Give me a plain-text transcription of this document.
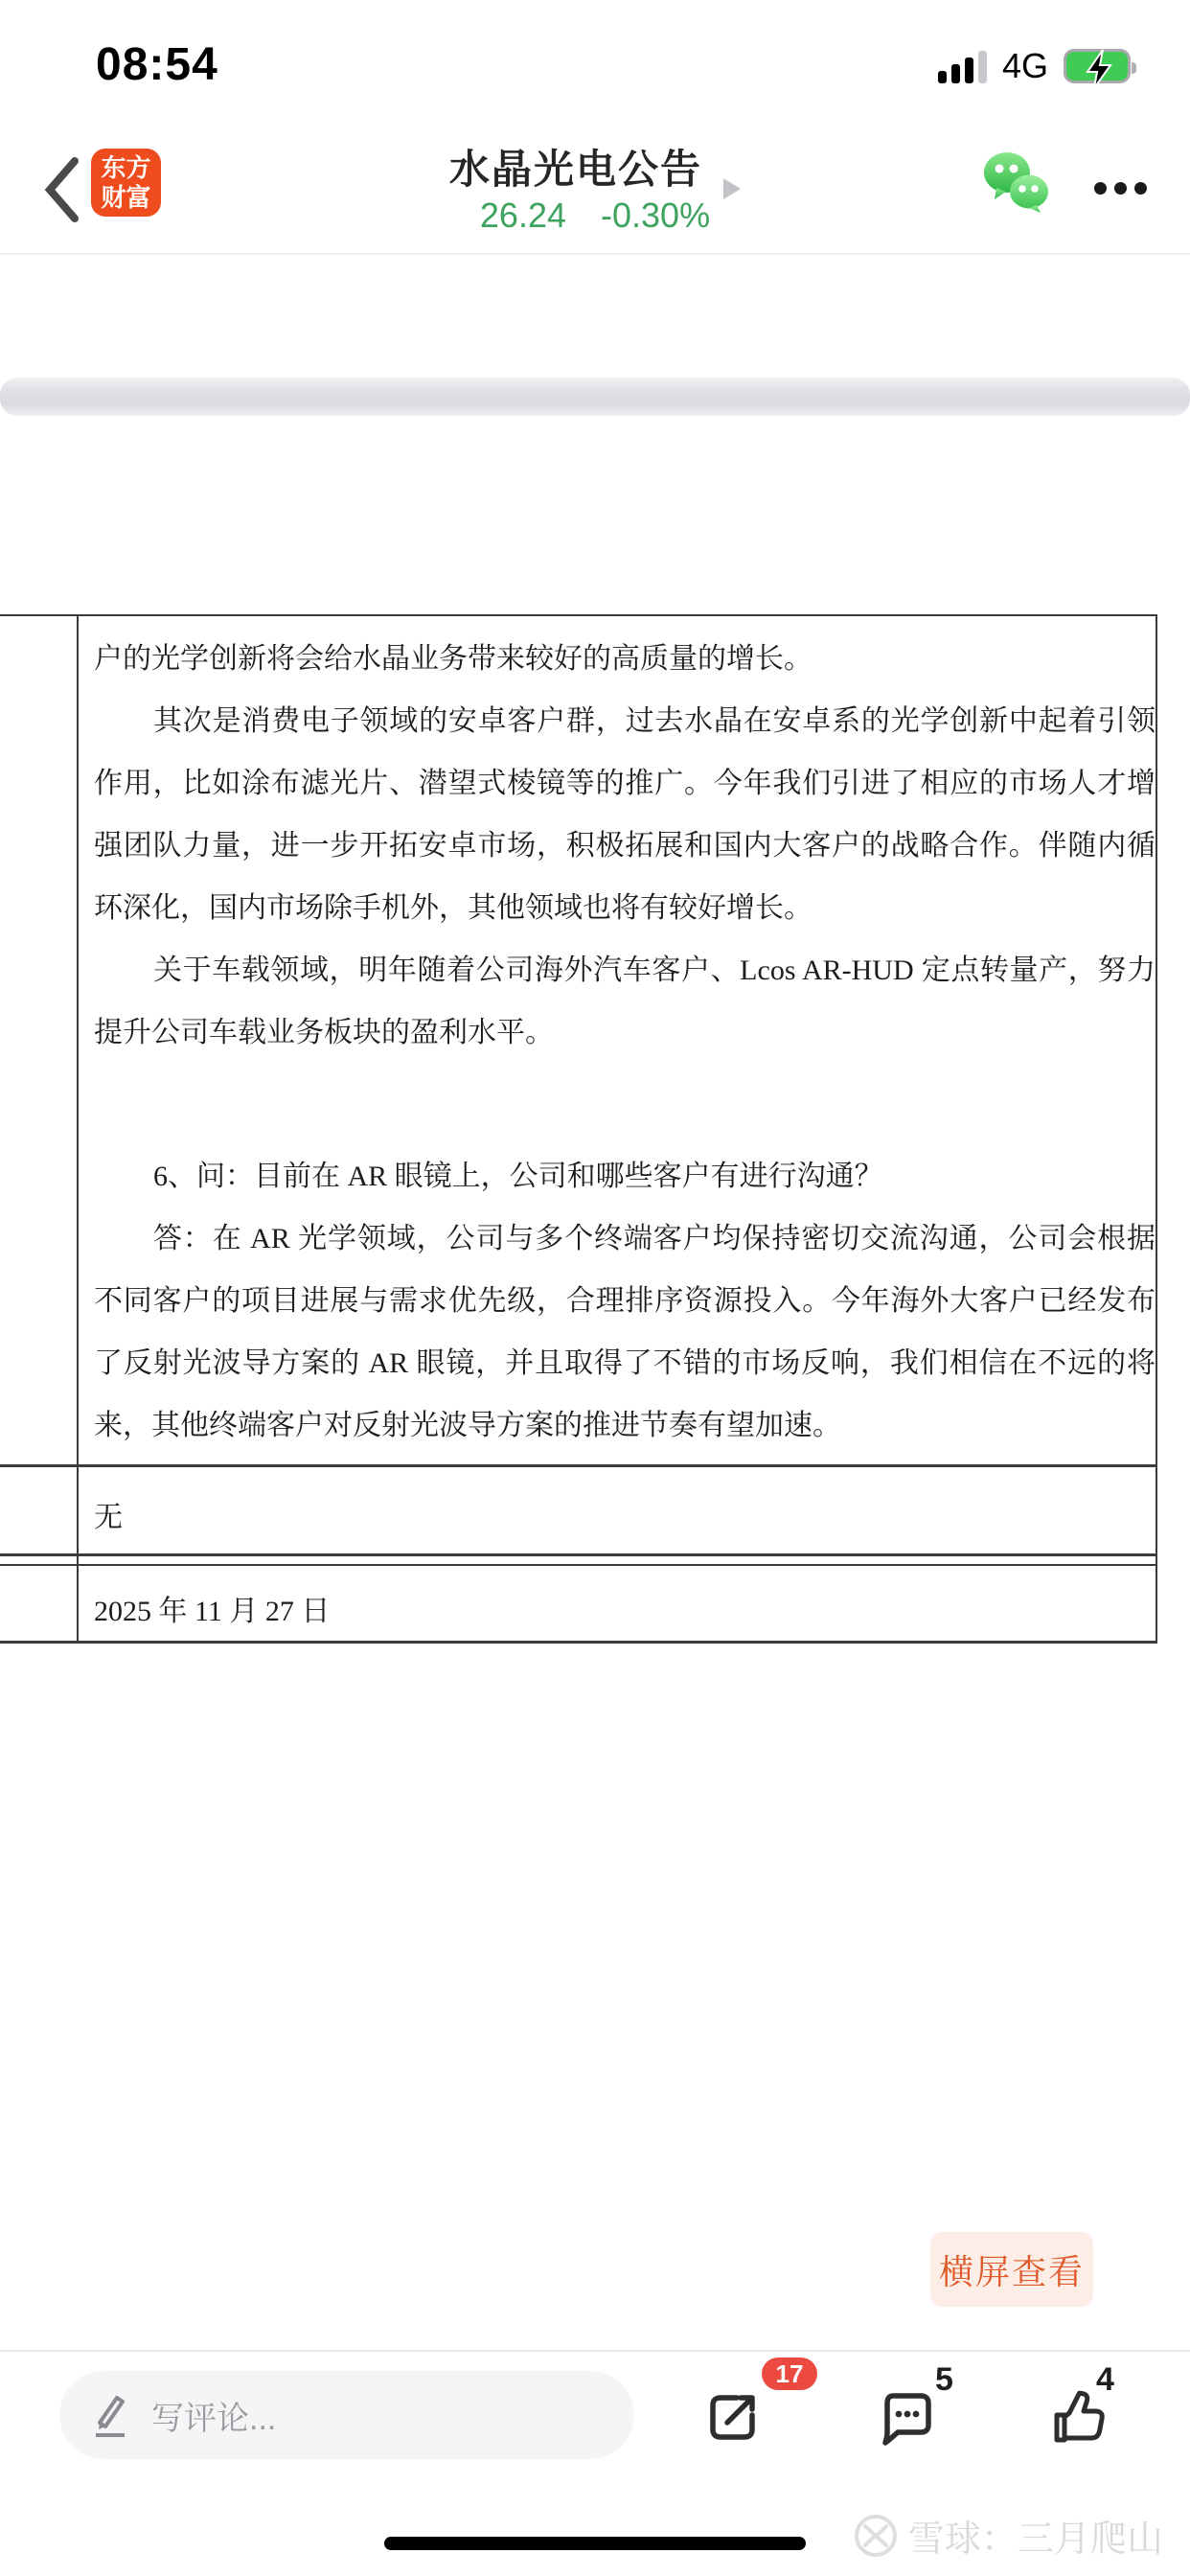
08:54	4G
东方
财富
水晶光电公告
26.24 -0.30%
户的光学创新将会给水晶业务带来较好的高质量的增长。
其次是消费电子领域的安卓客户群，过去水晶在安卓系的光学创新中起着引领
作用，比如涂布滤光片、潜望式棱镜等的推广。今年我们引进了相应的市场人才增
强团队力量，进一步开拓安卓市场，积极拓展和国内大客户的战略合作。伴随内循
环深化，国内市场除手机外，其他领域也将有较好增长。
关于车载领域，明年随着公司海外汽车客户、Lcos AR-HUD 定点转量产，努力
提升公司车载业务板块的盈利水平。
6、问：目前在 AR 眼镜上，公司和哪些客户有进行沟通？
答：在 AR 光学领域，公司与多个终端客户均保持密切交流沟通，公司会根据
不同客户的项目进展与需求优先级，合理排序资源投入。今年海外大客户已经发布
了反射光波导方案的 AR 眼镜，并且取得了不错的市场反响，我们相信在不远的将
来，其他终端客户对反射光波导方案的推进节奏有望加速。
无
2025 年 11 月 27 日
横屏查看
写评论...
17	5	4
雪球：三月爬山
